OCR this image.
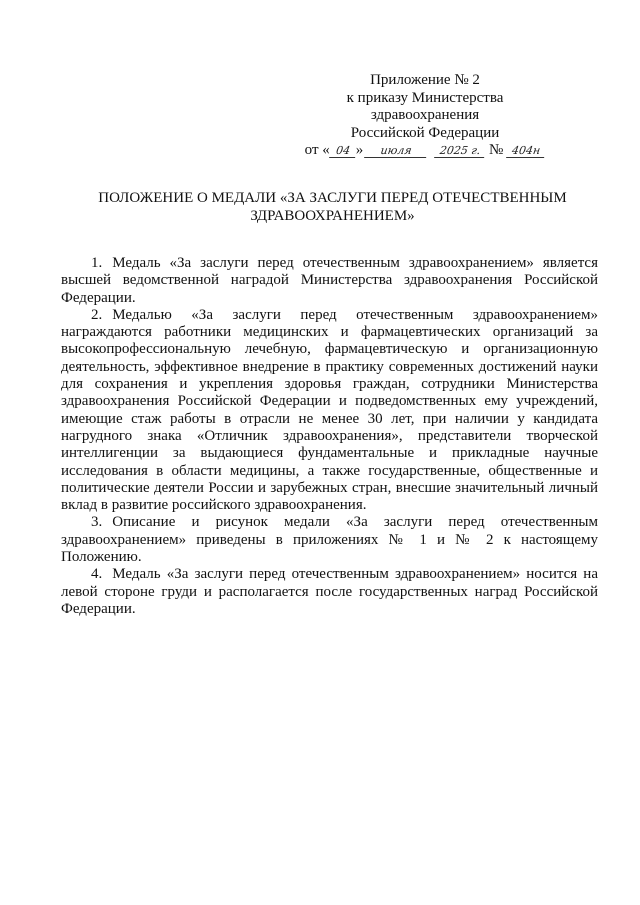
Приложение № 2
к приказу Министерства
здравоохранения
Российской Федерации
от « 04 » июля 2025 г. № 404н
ПОЛОЖЕНИЕ О МЕДАЛИ «ЗА ЗАСЛУГИ ПЕРЕД ОТЕЧЕСТВЕННЫМ
ЗДРАВООХРАНЕНИЕМ»

1. Медаль «За заслуги перед отечественным здравоохранением» является высшей ведомственной наградой Министерства здравоохранения Российской Федерации.

2. Медалью «За заслуги перед отечественным здравоохранением» награждаются работники медицинских и фармацевтических организаций за высокопрофессиональную лечебную, фармацевтическую и организационную деятельность, эффективное внедрение в практику современных достижений науки для сохранения и укрепления здоровья граждан, сотрудники Министерства здравоохранения Российской Федерации и подведомственных ему учреждений, имеющие стаж работы в отрасли не менее 30 лет, при наличии у кандидата нагрудного знака «Отличник здравоохранения», представители творческой интеллигенции за выдающиеся фундаментальные и прикладные научные исследования в области медицины, а также государственные, общественные и политические деятели России и зарубежных стран, внесшие значительный личный вклад в развитие российского здравоохранения.

3. Описание и рисунок медали «За заслуги перед отечественным здравоохранением» приведены в приложениях № 1 и № 2 к настоящему Положению.

4. Медаль «За заслуги перед отечественным здравоохранением» носится на левой стороне груди и располагается после государственных наград Российской Федерации.
